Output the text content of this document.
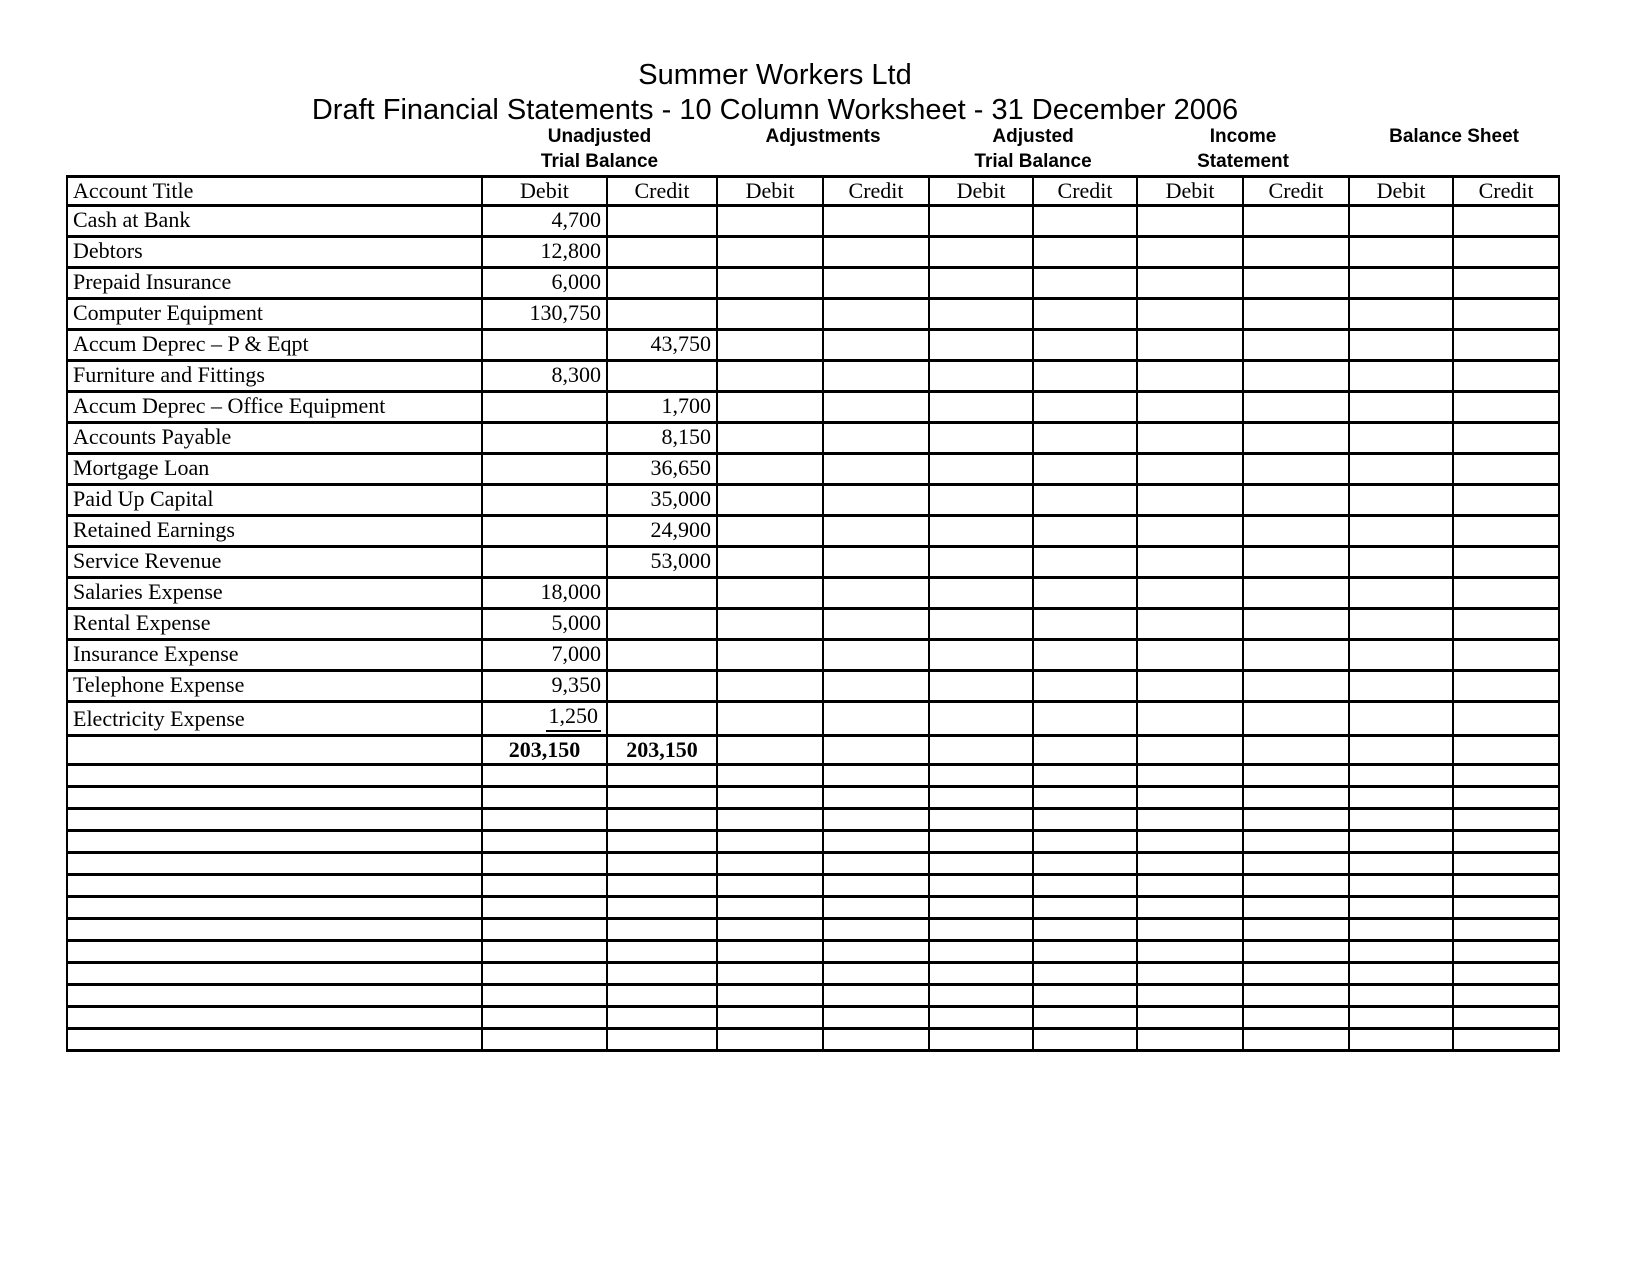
Summer Workers Ltd
Draft Financial Statements - 10 Column Worksheet - 31 December 2006

Unadjusted
Trial Balance

Adjustments	Adjusted
Trial Balance

Income
Statement

Balance Sheet

Account Title	Debit	Credit	Debit	Credit	Debit	Credit	Debit	Credit	Debit	Credit
Cash at Bank	4,700									
Debtors	12,800									
Prepaid Insurance	6,000									
Computer Equipment	130,750									
Accum Deprec – P & Eqpt		43,750								
Furniture and Fittings	8,300									
Accum Deprec – Office Equipment		1,700								
Accounts Payable		8,150								
Mortgage Loan		36,650								
Paid Up Capital		35,000								
Retained Earnings		24,900								
Service Revenue		53,000								
Salaries Expense	18,000									
Rental Expense	5,000									
Insurance Expense	7,000									
Telephone Expense	9,350									
Electricity Expense	1,250									
	203,150	203,150								
